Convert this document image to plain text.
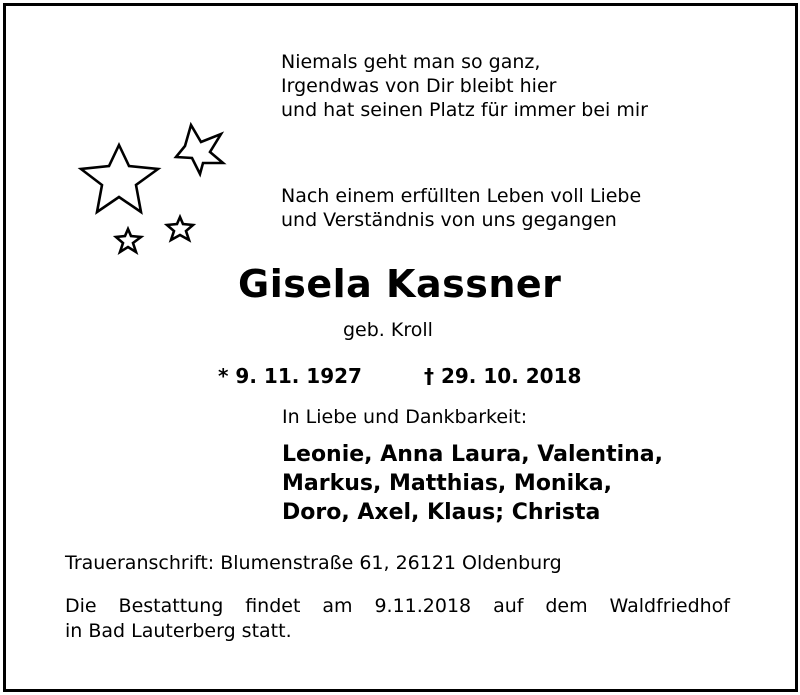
Niemals geht man so ganz,
Irgendwas von Dir bleibt hier
und hat seinen Platz für immer bei mir
Nach einem erfüllten Leben voll Liebe
und Verständnis von uns gegangen
Gisela Kassner
geb. Kroll
* 9. 11. 1927	† 29. 10. 2018
In Liebe und Dankbarkeit:
Leonie, Anna Laura, Valentina,
Markus, Matthias, Monika,
Doro, Axel, Klaus; Christa
Traueranschrift: Blumenstraße 61, 26121 Oldenburg
Die Bestattung findet am 9.11.2018 auf dem Waldfriedhof
in Bad Lauterberg statt.
